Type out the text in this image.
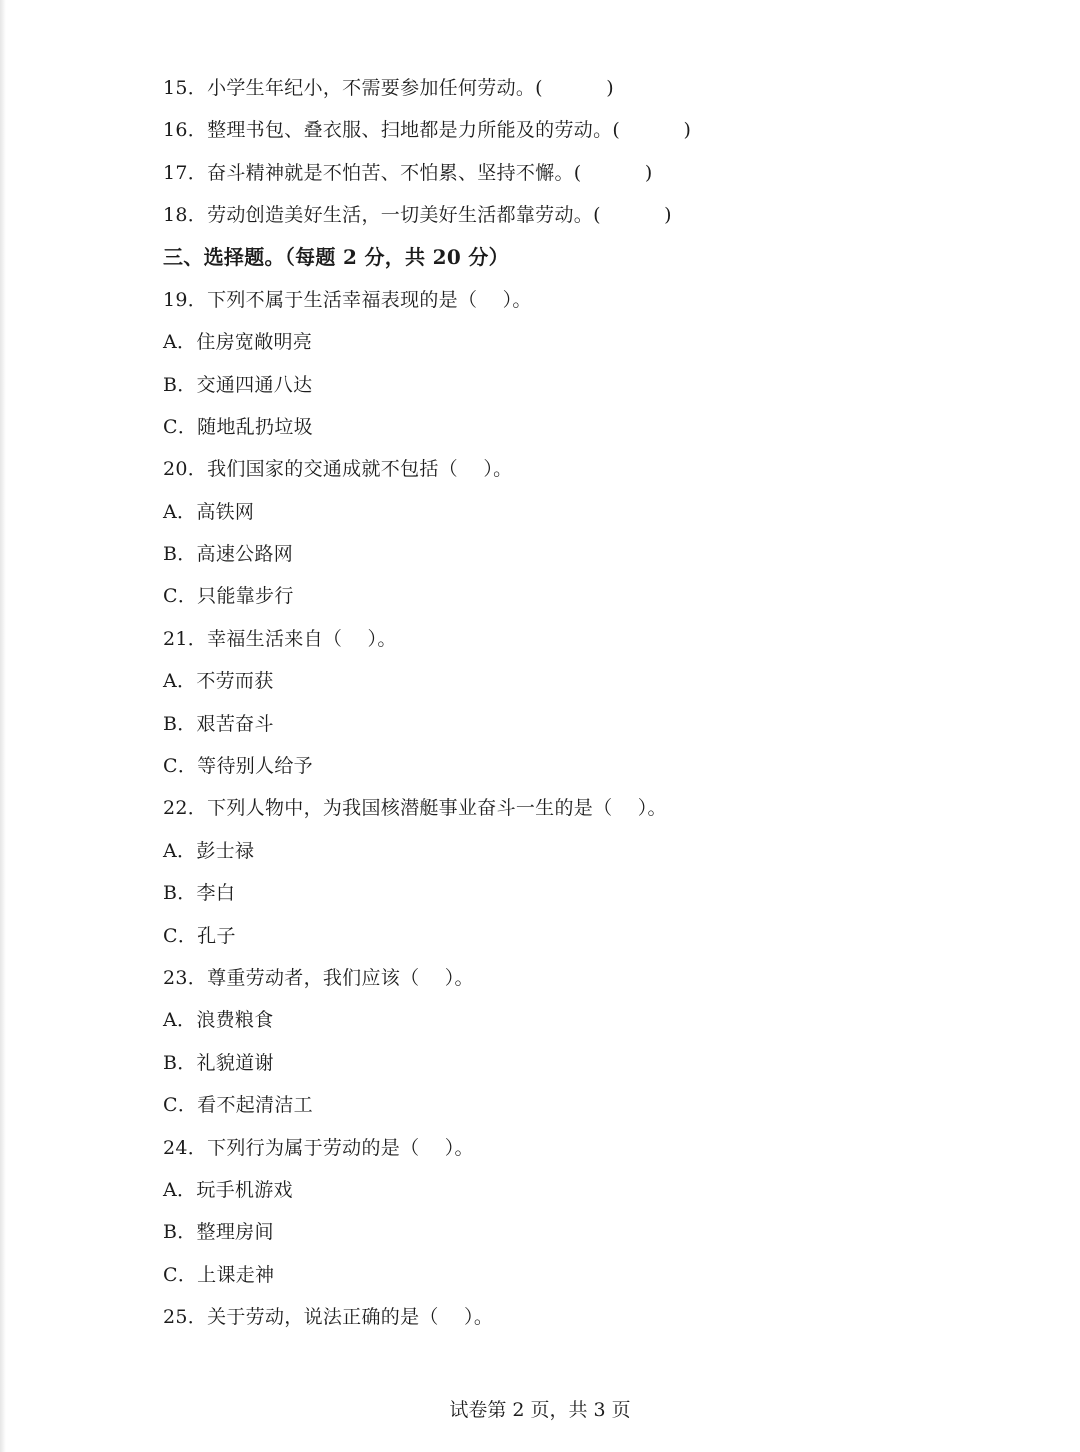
15．小学生年纪小，不需要参加任何劳动。(          )
16．整理书包、叠衣服、扫地都是力所能及的劳动。(          )
17．奋斗精神就是不怕苦、不怕累、坚持不懈。(          )
18．劳动创造美好生活，一切美好生活都靠劳动。(          )
三、选择题。（每题 2 分，共 20 分）
19．下列不属于生活幸福表现的是（    ）。
A．住房宽敞明亮
B．交通四通八达
C．随地乱扔垃圾
20．我们国家的交通成就不包括（    ）。
A．高铁网
B．高速公路网
C．只能靠步行
21．幸福生活来自（    ）。
A．不劳而获
B．艰苦奋斗
C．等待别人给予
22．下列人物中，为我国核潜艇事业奋斗一生的是（    ）。
A．彭士禄
B．李白
C．孔子
23．尊重劳动者，我们应该（    ）。
A．浪费粮食
B．礼貌道谢
C．看不起清洁工
24．下列行为属于劳动的是（    ）。
A．玩手机游戏
B．整理房间
C．上课走神
25．关于劳动，说法正确的是（    ）。
试卷第 2 页，共 3 页
